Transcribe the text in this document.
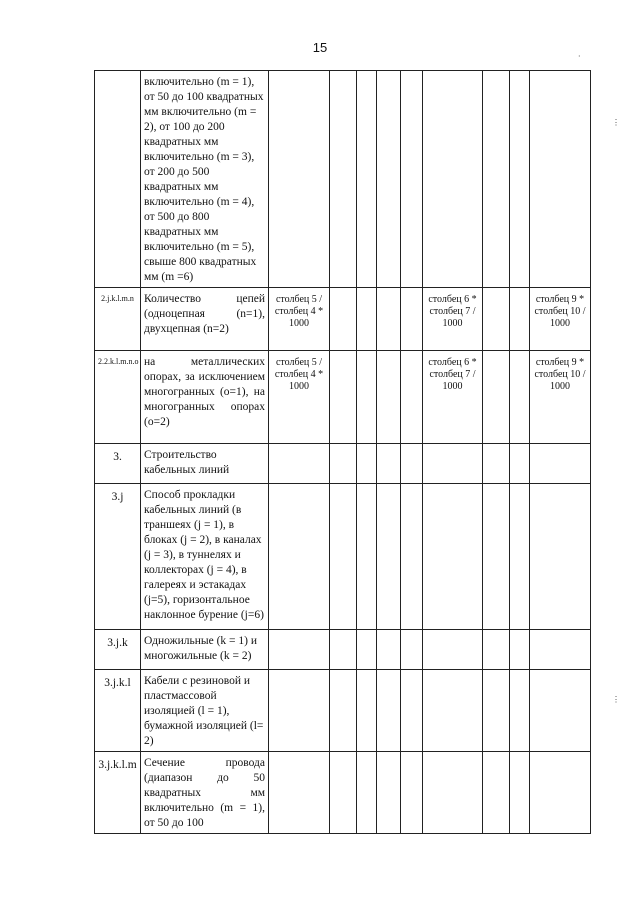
15
	включительно (m = 1), от 50 до 100 квадратных мм включительно (m = 2), от 100 до 200 квадратных мм включительно (m = 3), от 200 до 500 квадратных мм включительно (m = 4), от 500 до 800 квадратных мм включительно (m = 5), свыше 800 квадратных мм (m =6)									
2.j.k.l.m.n	Количество цепей (одноцепная (n=1), двухцепная (n=2)	столбец 5 / столбец 4 * 1000					столбец 6 * столбец 7 / 1000			столбец 9 * столбец 10 / 1000
2.2.k.l.m.n.o	на металлических опорах, за исключением многогранных (o=1), на многогранных опорах (o=2)	столбец 5 / столбец 4 * 1000					столбец 6 * столбец 7 / 1000			столбец 9 * столбец 10 / 1000
3.	Строительство кабельных линий									
3.j	Способ прокладки кабельных линий (в траншеях (j = 1), в блоках (j = 2), в каналах (j = 3), в туннелях и коллекторах (j = 4), в галереях и эстакадах (j=5), горизонтальное наклонное бурение (j=6)									
3.j.k	Одножильные (k = 1) и многожильные (k = 2)									
3.j.k.l	Кабели с резиновой и пластмассовой изоляцией (l = 1), бумажной изоляцией (l= 2)									
3.j.k.l.m	Сечение провода (диапазон до 50 квадратных мм включительно (m = 1), от 50 до 100									
⋅
⋮
⋮
